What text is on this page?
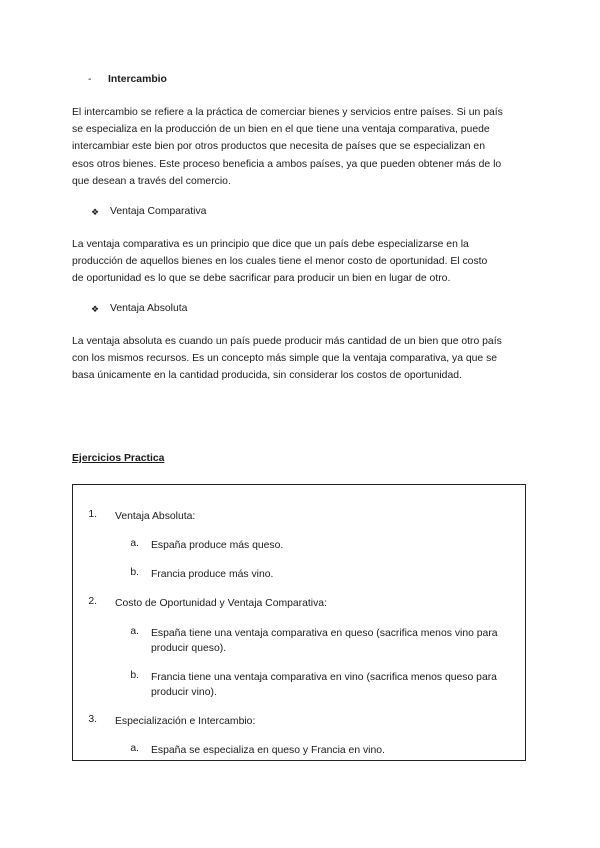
- Intercambio
El intercambio se refiere a la práctica de comerciar bienes y servicios entre países. Si un país
se especializa en la producción de un bien en el que tiene una ventaja comparativa, puede
intercambiar este bien por otros productos que necesita de países que se especializan en
esos otros bienes. Este proceso beneficia a ambos países, ya que pueden obtener más de lo
que desean a través del comercio.
❖ Ventaja Comparativa
La ventaja comparativa es un principio que dice que un país debe especializarse en la
producción de aquellos bienes en los cuales tiene el menor costo de oportunidad. El costo
de oportunidad es lo que se debe sacrificar para producir un bien en lugar de otro.
❖ Ventaja Absoluta
La ventaja absoluta es cuando un país puede producir más cantidad de un bien que otro país
con los mismos recursos. Es un concepto más simple que la ventaja comparativa, ya que se
basa únicamente en la cantidad producida, sin considerar los costos de oportunidad.
Ejercicios Practica
1. Ventaja Absoluta:
a. España produce más queso.
b. Francia produce más vino.
2. Costo de Oportunidad y Ventaja Comparativa:
a. España tiene una ventaja comparativa en queso (sacrifica menos vino para
producir queso).
b. Francia tiene una ventaja comparativa en vino (sacrifica menos queso para
producir vino).
3. Especialización e Intercambio:
a. España se especializa en queso y Francia en vino.
